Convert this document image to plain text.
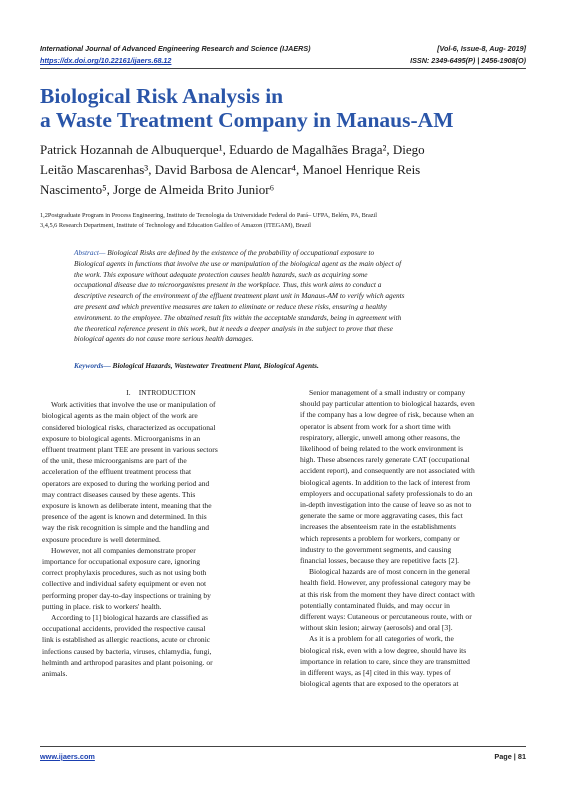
International Journal of Advanced Engineering Research and Science (IJAERS)	[Vol-6, Issue-8, Aug- 2019]
https://dx.doi.org/10.22161/ijaers.68.12	ISSN: 2349-6495(P) | 2456-1908(O)
Biological Risk Analysis in
a Waste Treatment Company in Manaus-AM
Patrick Hozannah de Albuquerque¹, Eduardo de Magalhães Braga², Diego
Leitão Mascarenhas³, David Barbosa de Alencar⁴, Manoel Henrique Reis
Nascimento⁵, Jorge de Almeida Brito Junior⁶
1,2Postgraduate Program in Process Engineering, Instituto de Tecnologia da Universidade Federal do Pará– UFPA, Belém, PA, Brazil
3,4,5,6 Research Department, Institute of Technology and Education Galileo of Amazon (ITEGAM), Brazil
Abstract— Biological Risks are defined by the existence of the probability of occupational exposure to
Biological agents in functions that involve the use or manipulation of the biological agent as the main object of
the work. This exposure without adequate protection causes health hazards, such as acquiring some
occupational disease due to microorganisms present in the workplace. Thus, this work aims to conduct a
descriptive research of the environment of the effluent treatment plant unit in Manaus-AM to verify which agents
are present and which preventive measures are taken to eliminate or reduce these risks, ensuring a healthy
environment. to the employee. The obtained result fits within the acceptable standards, being in agreement with
the theoretical reference present in this work, but it needs a deeper analysis in the subject to prove that these
biological agents do not cause more serious health damages.
Keywords— Biological Hazards, Wastewater Treatment Plant, Biological Agents.
I. INTRODUCTION
Work activities that involve the use or manipulation of
biological agents as the main object of the work are
considered biological risks, characterized as occupational
exposure to biological agents. Microorganisms in an
effluent treatment plant TEE are present in various sectors
of the unit, these microorganisms are part of the
acceleration of the effluent treatment process that
operators are exposed to during the working period and
may contract diseases caused by these agents. This
exposure is known as deliberate intent, meaning that the
presence of the agent is known and determined. In this
way the risk recognition is simple and the handling and
exposure procedure is well determined.
However, not all companies demonstrate proper
importance for occupational exposure care, ignoring
correct prophylaxis procedures, such as not using both
collective and individual safety equipment or even not
performing proper day-to-day inspections or training by
putting in place. risk to workers' health.
According to [1] biological hazards are classified as
occupational accidents, provided the respective causal
link is established as allergic reactions, acute or chronic
infections caused by bacteria, viruses, chlamydia, fungi,
helminth and arthropod parasites and plant poisoning. or
animals.
Senior management of a small industry or company
should pay particular attention to biological hazards, even
if the company has a low degree of risk, because when an
operator is absent from work for a short time with
respiratory, allergic, unwell among other reasons, the
likelihood of being related to the work environment is
high. These absences rarely generate CAT (occupational
accident report), and consequently are not associated with
biological agents. In addition to the lack of interest from
employers and occupational safety professionals to do an
in-depth investigation into the cause of leave so as not to
generate the same or more aggravating cases, this fact
increases the absenteeism rate in the establishments
which represents a problem for workers, company or
industry to the government segments, and causing
financial losses, because they are repetitive facts [2].
Biological hazards are of most concern in the general
health field. However, any professional category may be
at this risk from the moment they have direct contact with
potentially contaminated fluids, and may occur in
different ways: Cutaneous or percutaneous route, with or
without skin lesion; airway (aerosols) and oral [3].
As it is a problem for all categories of work, the
biological risk, even with a low degree, should have its
importance in relation to care, since they are transmitted
in different ways, as [4] cited in this way. types of
biological agents that are exposed to the operators at
www.ijaers.com	Page | 81
